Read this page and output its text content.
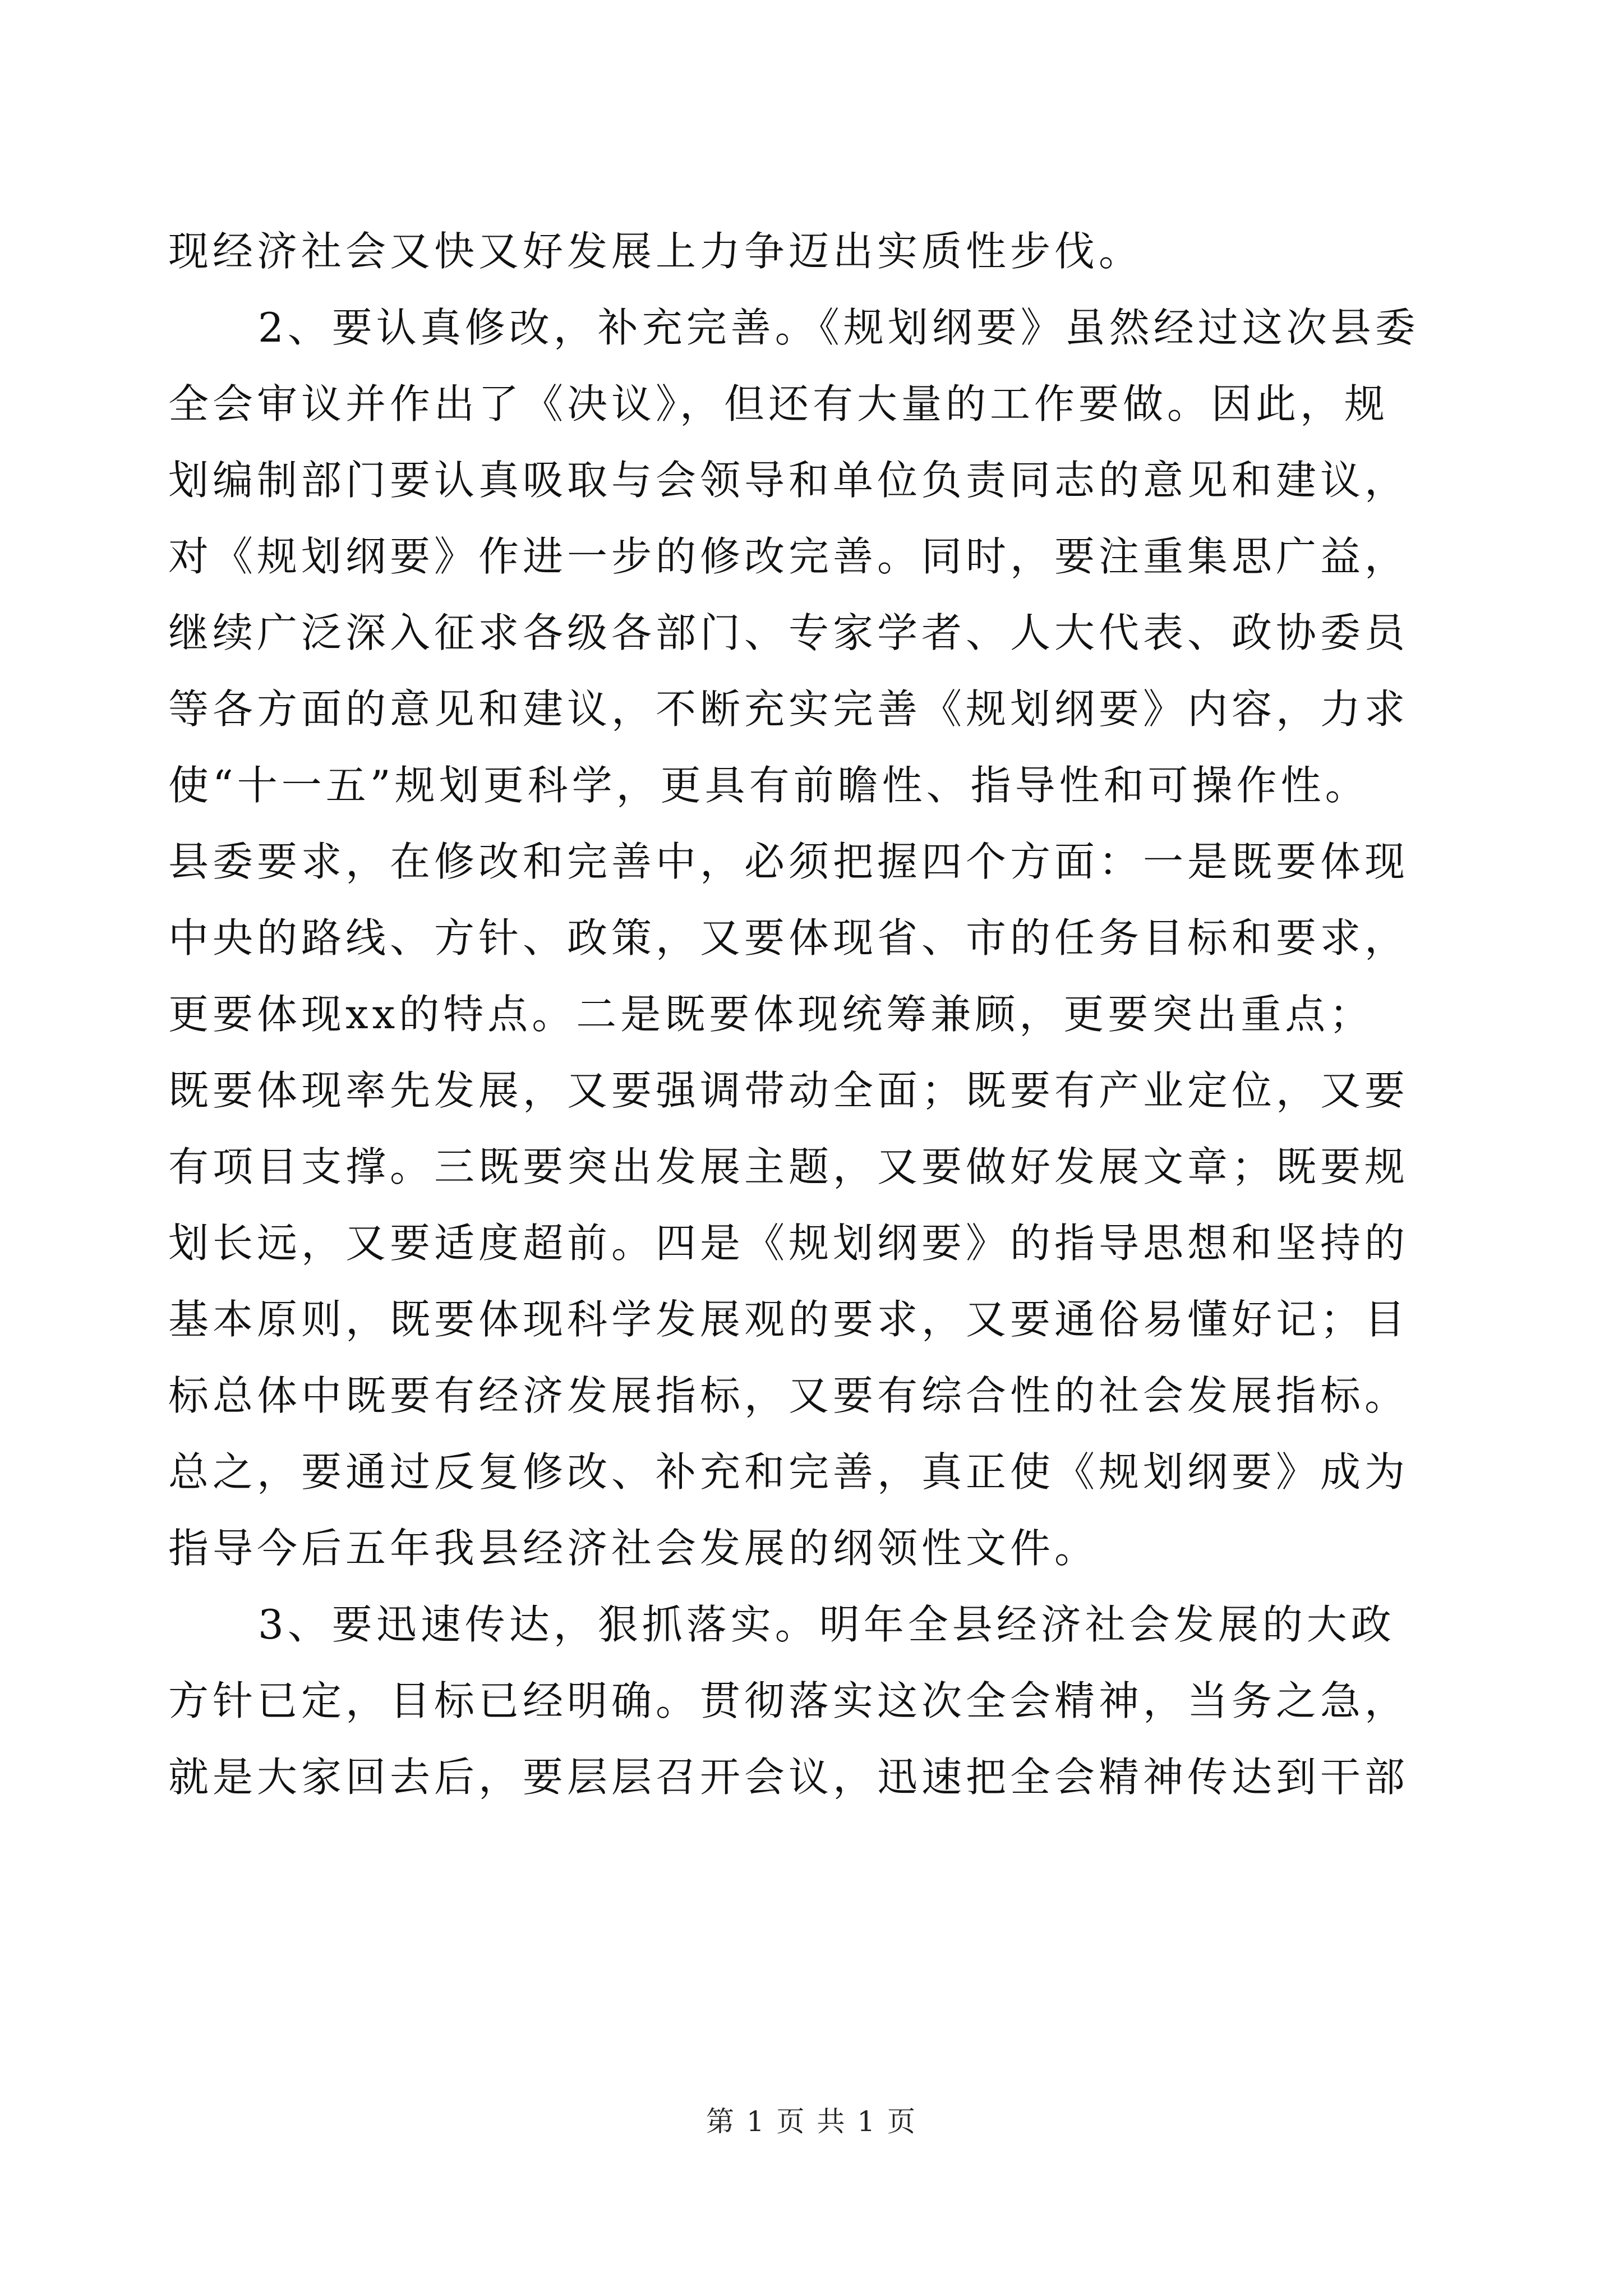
现经济社会又快又好发展上力争迈出实质性步伐。
2、要认真修改，补充完善。《规划纲要》虽然经过这次县委
全会审议并作出了《决议》，但还有大量的工作要做。因此，规
划编制部门要认真吸取与会领导和单位负责同志的意见和建议，
对《规划纲要》作进一步的修改完善。同时，要注重集思广益，
继续广泛深入征求各级各部门、专家学者、人大代表、政协委员
等各方面的意见和建议，不断充实完善《规划纲要》内容，力求
使“十一五”规划更科学，更具有前瞻性、指导性和可操作性。
县委要求，在修改和完善中，必须把握四个方面：一是既要体现
中央的路线、方针、政策，又要体现省、市的任务目标和要求，
更要体现xx的特点。二是既要体现统筹兼顾，更要突出重点；
既要体现率先发展，又要强调带动全面；既要有产业定位，又要
有项目支撑。三既要突出发展主题，又要做好发展文章；既要规
划长远，又要适度超前。四是《规划纲要》的指导思想和坚持的
基本原则，既要体现科学发展观的要求，又要通俗易懂好记；目
标总体中既要有经济发展指标，又要有综合性的社会发展指标。
总之，要通过反复修改、补充和完善，真正使《规划纲要》成为
指导今后五年我县经济社会发展的纲领性文件。
3、要迅速传达，狠抓落实。明年全县经济社会发展的大政
方针已定，目标已经明确。贯彻落实这次全会精神，当务之急，
就是大家回去后，要层层召开会议，迅速把全会精神传达到干部
第 1 页 共 1 页
